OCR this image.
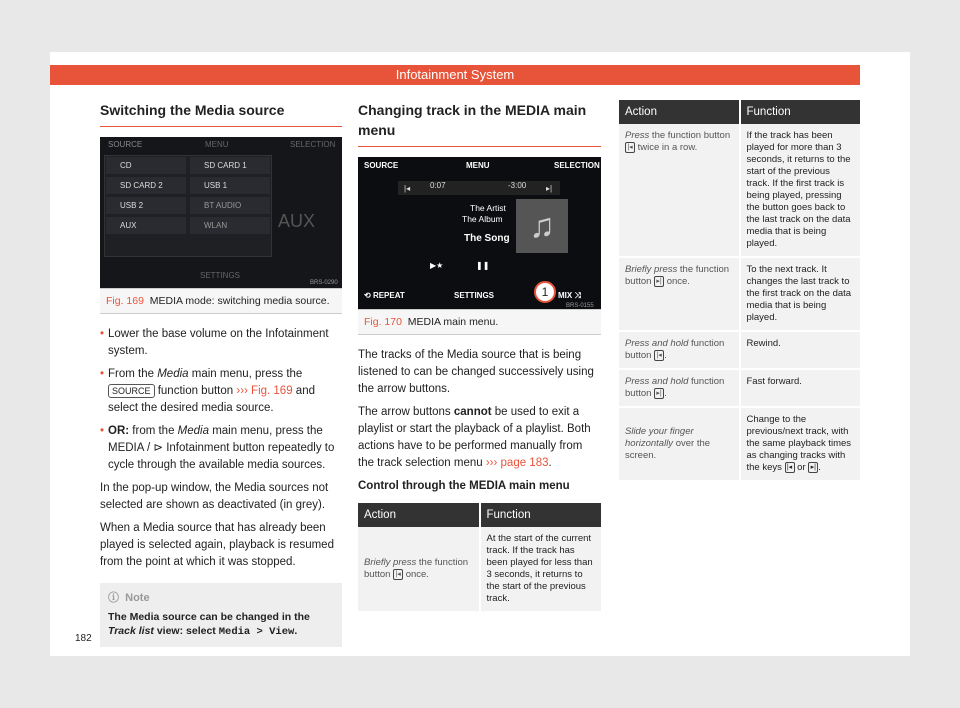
Infotainment System
Switching the Media source
SOURCE	MENU	SELECTION
CD	SD CARD 1
SD CARD 2	USB 1
USB 2	BT AUDIO
AUX	WLAN	AUX
SETTINGS
BRS-0290
Fig. 169 MEDIA mode: switching media source.

• Lower the base volume on the Infotainment system.

• From the Media main menu, press the SOURCE function button ››› Fig. 169 and select the desired media source.

• OR: from the Media main menu, press the MEDIA / ⊳ Infotainment button repeatedly to cycle through the available media sources.

In the pop-up window, the Media sources not selected are shown as deactivated (in grey).

When a Media source that has already been played is selected again, playback is resumed from the point at which it was stopped.

ⓘ Note
The Media source can be changed in the Track list view: select Media > View.
Changing track in the MEDIA main menu
SOURCE	MENU	SELECTION
|◂	▸|
0:07	-3:00
The Artist
The Album
The Song ♫
▶★	❚❚
⟲ REPEAT	SETTINGS	MIX ⤨
1
BRS-0155
Fig. 170 MEDIA main menu.

The tracks of the Media source that is being listened to can be changed successively using the arrow buttons.

The arrow buttons cannot be used to exit a playlist or start the playback of a playlist. Both actions have to be performed manually from the track selection menu ››› page 183.

Control through the MEDIA main menu

Action	Function
Briefly press the function button |◂ once.	At the start of the current track. If the track has been played for less than 3 seconds, it returns to the start of the previous track.
Action	Function
Press the function button |◂ twice in a row.	If the track has been played for more than 3 seconds, it returns to the start of the previous track. If the first track is being played, pressing the button goes back to the last track on the data media that is being played.
Briefly press the function button ▸| once.	To the next track. It changes the last track to the first track on the data media that is being played.
Press and hold function button |◂ .	Rewind.
Press and hold function button ▸| .	Fast forward.
Slide your finger horizontally over the screen.	Change to the previous/next track, with the same playback times as changing tracks with the keys |◂ or ▸| .
182
